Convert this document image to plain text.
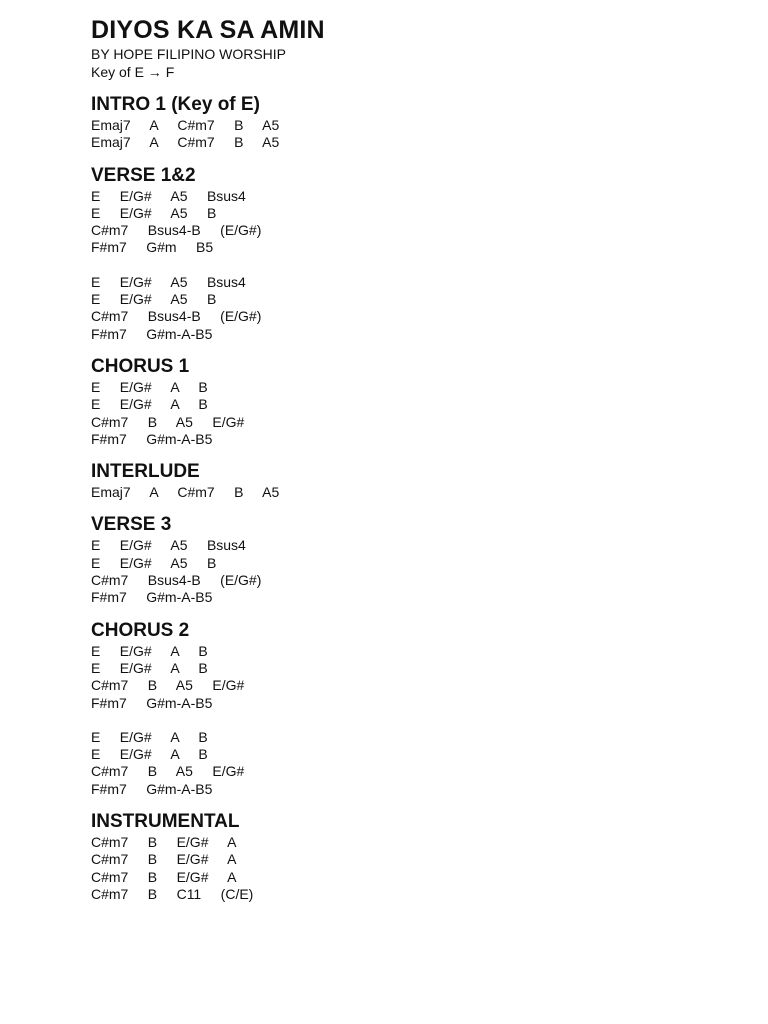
DIYOS KA SA AMIN

BY HOPE FILIPINO WORSHIP

Key of E → F

INTRO 1 (Key of E)
Emaj7     A     C#m7     B     A5
Emaj7     A     C#m7     B     A5
VERSE 1&2
E     E/G#     A5     Bsus4
E     E/G#     A5     B
C#m7     Bsus4-B     (E/G#)
F#m7     G#m     B5
E     E/G#     A5     Bsus4
E     E/G#     A5     B
C#m7     Bsus4-B     (E/G#)
F#m7     G#m-A-B5
CHORUS 1
E     E/G#     A     B
E     E/G#     A     B
C#m7     B     A5     E/G#
F#m7     G#m-A-B5
INTERLUDE
Emaj7     A     C#m7     B     A5
VERSE 3
E     E/G#     A5     Bsus4
E     E/G#     A5     B
C#m7     Bsus4-B     (E/G#)
F#m7     G#m-A-B5
CHORUS 2
E     E/G#     A     B
E     E/G#     A     B
C#m7     B     A5     E/G#
F#m7     G#m-A-B5
E     E/G#     A     B
E     E/G#     A     B
C#m7     B     A5     E/G#
F#m7     G#m-A-B5
INSTRUMENTAL
C#m7     B     E/G#     A
C#m7     B     E/G#     A
C#m7     B     E/G#     A
C#m7     B     C11     (C/E)
